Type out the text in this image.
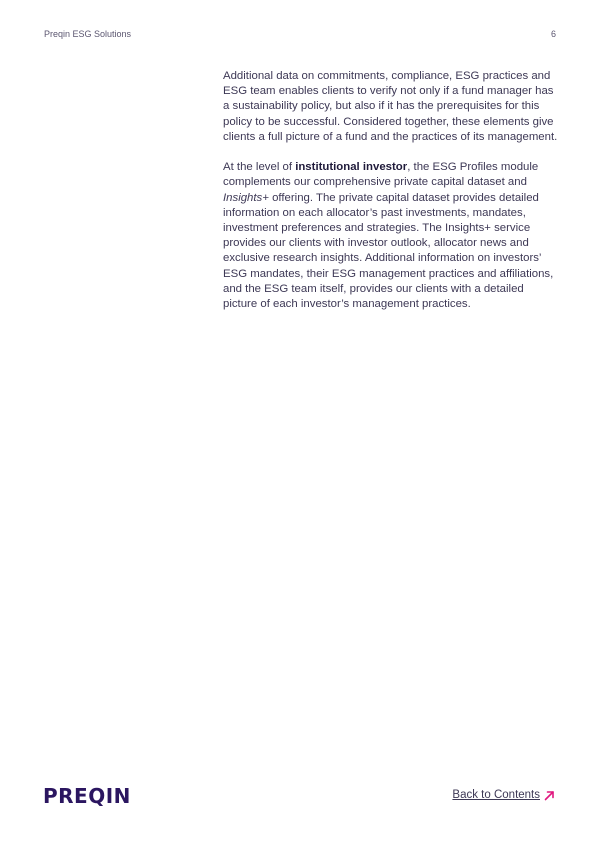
Preqin ESG Solutions	6

Additional data on commitments, compliance, ESG practices and ESG team enables clients to verify not only if a fund manager has a sustainability policy, but also if it has the prerequisites for this policy to be successful. Considered together, these elements give clients a full picture of a fund and the practices of its management.

At the level of institutional investor, the ESG Profiles module complements our comprehensive private capital dataset and Insights+ offering. The private capital dataset provides detailed information on each allocator’s past investments, mandates, investment preferences and strategies. The Insights+ service provides our clients with investor outlook, allocator news and exclusive research insights. Additional information on investors’ ESG mandates, their ESG management practices and affiliations, and the ESG team itself, provides our clients with a detailed picture of each investor’s management practices.

PREQIN	Back to Contents
